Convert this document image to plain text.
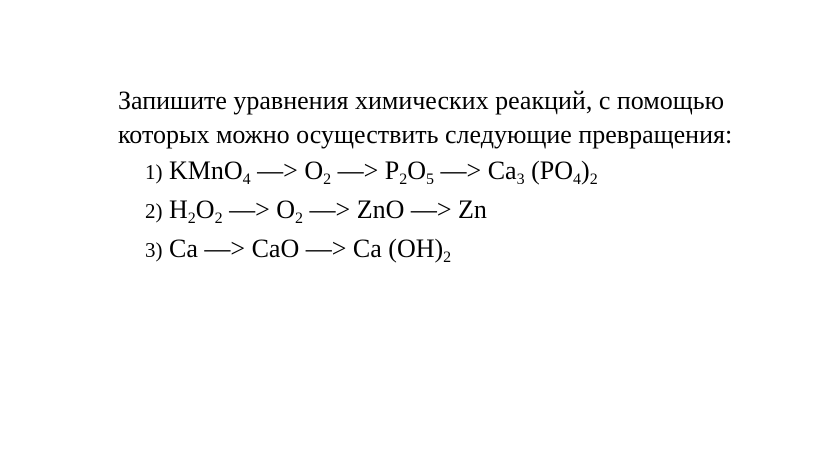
Запишите уравнения химических реакций, с помощью которых можно осуществить следующие превращения:

1) KMnO$_4$ —> $O_2$ —> $P_2O_5$ —> $Ca_3$ $(PO_4)_2$
2) $H_2O_2$ —> $O_2$ —> ZnO —> Zn
3) Ca —> CaO —> Ca $(OH)_2$
